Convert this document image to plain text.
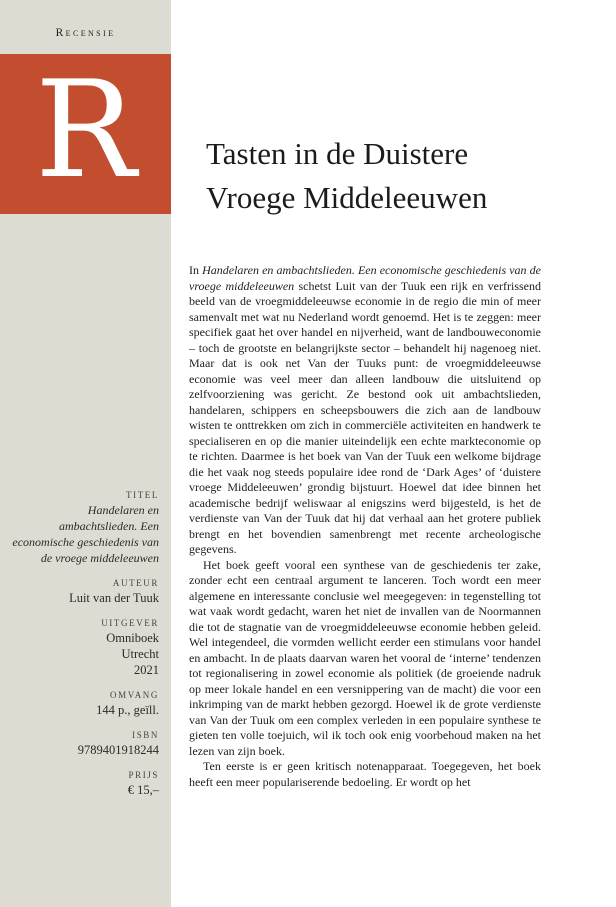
Recensie
R
TITEL
Handelaren en ambachtslieden. Een economische geschiedenis van de vroege middeleeuwen
AUTEUR
Luit van der Tuuk
UITGEVER
Omniboek
Utrecht
2021
OMVANG
144 p., geïll.
ISBN
9789401918244
PRIJS
€ 15,–
Tasten in de Duistere
Vroege Middeleeuwen

In Handelaren en ambachtslieden. Een economische geschiedenis van de vroege middeleeuwen schetst Luit van der Tuuk een rijk en verfrissend beeld van de vroegmiddeleeuwse economie in de regio die min of meer samenvalt met wat nu Nederland wordt genoemd. Het is te zeggen: meer specifiek gaat het over handel en nijverheid, want de landbouweconomie – toch de grootste en belangrijkste sector – behandelt hij nagenoeg niet. Maar dat is ook net Van der Tuuks punt: de vroegmiddeleeuwse economie was veel meer dan alleen landbouw die uitsluitend op zelfvoorziening was gericht. Ze bestond ook uit ambachtslieden, handelaren, schippers en scheepsbouwers die zich aan de landbouw wisten te onttrekken om zich in commerciële activiteiten en handwerk te specialiseren en op die manier uiteindelijk een echte markteconomie op te richten. Daarmee is het boek van Van der Tuuk een welkome bijdrage die het vaak nog steeds populaire idee rond de ‘Dark Ages’ of ‘duistere vroege Middeleeuwen’ grondig bijstuurt. Hoewel dat idee binnen het academische bedrijf weliswaar al enigszins werd bijgesteld, is het de verdienste van Van der Tuuk dat hij dat verhaal aan het grotere publiek brengt en het bovendien samenbrengt met recente archeologische gegevens.

Het boek geeft vooral een synthese van de geschiedenis ter zake, zonder echt een centraal argument te lanceren. Toch wordt een meer algemene en interessante conclusie wel meegegeven: in tegenstelling tot wat vaak wordt gedacht, waren het niet de invallen van de Noormannen die tot de stagnatie van de vroegmiddeleeuwse economie hebben geleid. Wel integendeel, die vormden wellicht eerder een stimulans voor handel en ambacht. In de plaats daarvan waren het vooral de ‘interne’ tendenzen tot regionalisering in zowel economie als politiek (de groeiende nadruk op meer lokale handel en een versnippering van de macht) die voor een inkrimping van de markt hebben gezorgd. Hoewel ik de grote verdienste van Van der Tuuk om een complex verleden in een populaire synthese te gieten ten volle toejuich, wil ik toch ook enig voorbehoud maken na het lezen van zijn boek.

Ten eerste is er geen kritisch notenapparaat. Toegegeven, het boek heeft een meer populariserende bedoeling. Er wordt op het
